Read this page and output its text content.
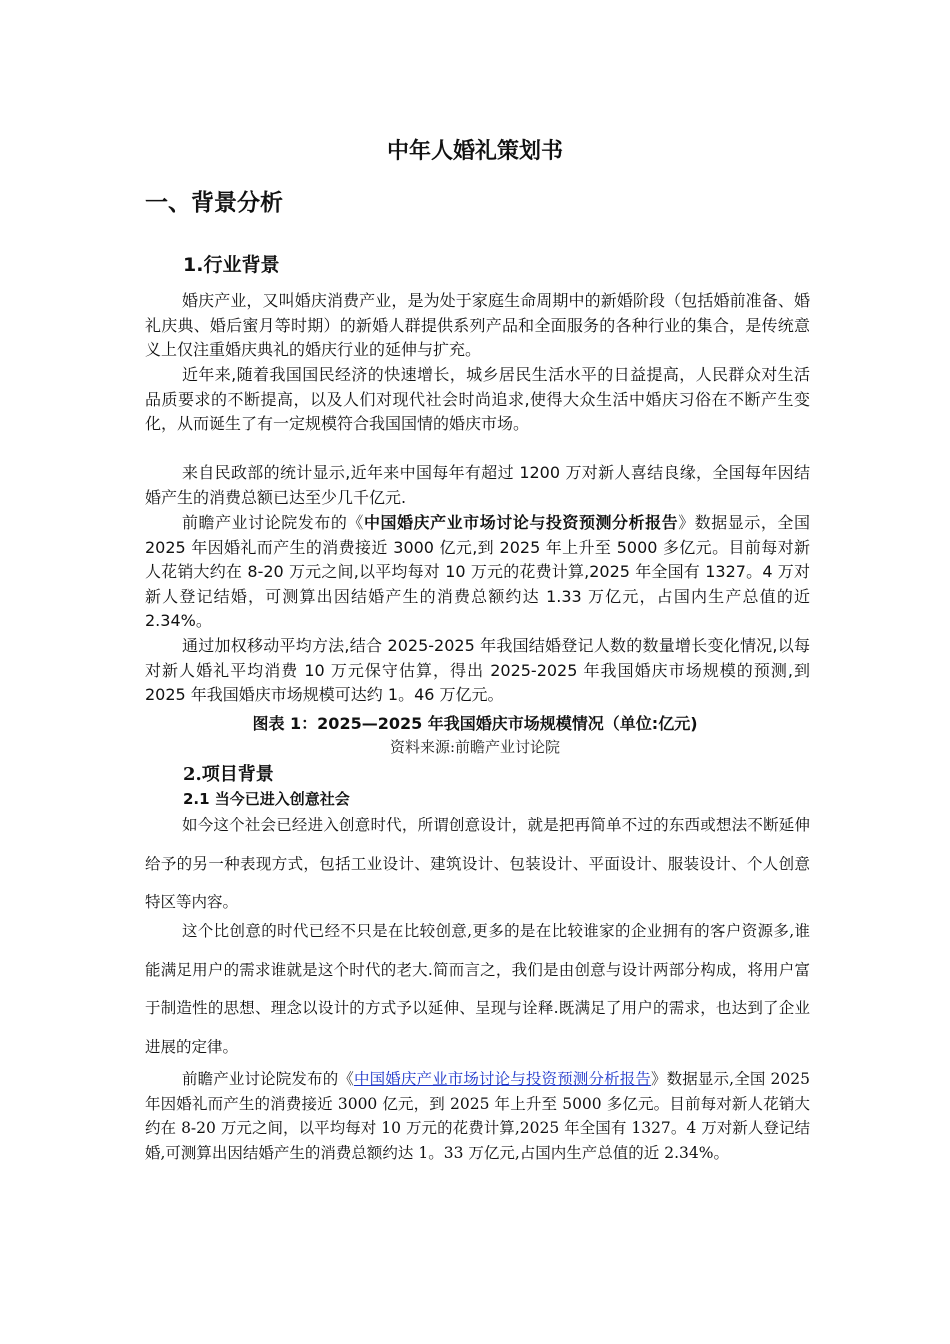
中年人婚礼策划书
一、背景分析
1.行业背景
婚庆产业，又叫婚庆消费产业，是为处于家庭生命周期中的新婚阶段（包括婚前准备、婚礼庆典、婚后蜜月等时期）的新婚人群提供系列产品和全面服务的各种行业的集合，是传统意义上仅注重婚庆典礼的婚庆行业的延伸与扩充。
近年来,随着我国国民经济的快速增长，城乡居民生活水平的日益提高，人民群众对生活品质要求的不断提高，以及人们对现代社会时尚追求,使得大众生活中婚庆习俗在不断产生变化，从而诞生了有一定规模符合我国国情的婚庆市场。
来自民政部的统计显示,近年来中国每年有超过 1200 万对新人喜结良缘，全国每年因结婚产生的消费总额已达至少几千亿元.
前瞻产业讨论院发布的《中国婚庆产业市场讨论与投资预测分析报告》数据显示，全国 2025 年因婚礼而产生的消费接近 3000 亿元,到 2025 年上升至 5000 多亿元。目前每对新人花销大约在 8-20 万元之间,以平均每对 10 万元的花费计算,2025 年全国有 1327。4 万对新人登记结婚，可测算出因结婚产生的消费总额约达 1.33 万亿元，占国内生产总值的近 2.34%。
通过加权移动平均方法,结合 2025-2025 年我国结婚登记人数的数量增长变化情况,以每对新人婚礼平均消费 10 万元保守估算，得出 2025-2025 年我国婚庆市场规模的预测,到 2025 年我国婚庆市场规模可达约 1。46 万亿元。
图表 1：2025—2025 年我国婚庆市场规模情况（单位:亿元)
资料来源:前瞻产业讨论院
2.项目背景
2.1 当今已进入创意社会
如今这个社会已经进入创意时代，所谓创意设计，就是把再简单不过的东西或想法不断延伸给予的另一种表现方式，包括工业设计、建筑设计、包装设计、平面设计、服装设计、个人创意特区等内容。
这个比创意的时代已经不只是在比较创意,更多的是在比较谁家的企业拥有的客户资源多,谁能满足用户的需求谁就是这个时代的老大.简而言之，我们是由创意与设计两部分构成，将用户富于制造性的思想、理念以设计的方式予以延伸、呈现与诠释.既满足了用户的需求，也达到了企业进展的定律。
前瞻产业讨论院发布的《中国婚庆产业市场讨论与投资预测分析报告》数据显示,全国 2025 年因婚礼而产生的消费接近 3000 亿元，到 2025 年上升至 5000 多亿元。目前每对新人花销大约在 8-20 万元之间，以平均每对 10 万元的花费计算,2025 年全国有 1327。4 万对新人登记结婚,可测算出因结婚产生的消费总额约达 1。33 万亿元,占国内生产总值的近 2.34%。
